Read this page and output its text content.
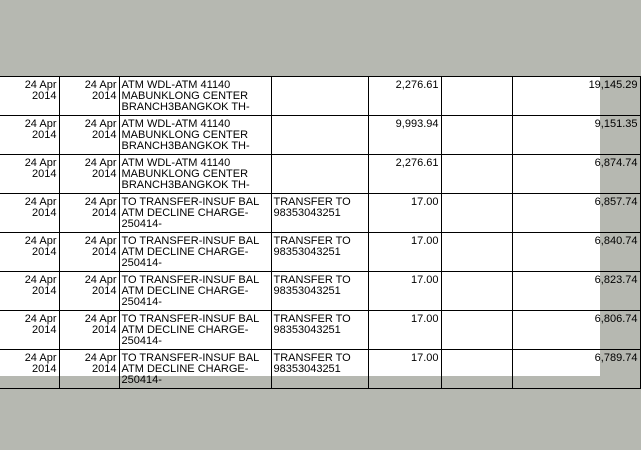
24 Apr
2014	24 Apr
2014	ATM WDL-ATM 41140
MABUNKLONG CENTER
BRANCH3BANGKOK TH-		2,276.61		19,145.29
24 Apr
2014	24 Apr
2014	ATM WDL-ATM 41140
MABUNKLONG CENTER
BRANCH3BANGKOK TH-		9,993.94		9,151.35
24 Apr
2014	24 Apr
2014	ATM WDL-ATM 41140
MABUNKLONG CENTER
BRANCH3BANGKOK TH-		2,276.61		6,874.74
24 Apr
2014	24 Apr
2014	TO TRANSFER-INSUF BAL
ATM DECLINE CHARGE-
250414-	TRANSFER TO
98353043251	17.00		6,857.74
24 Apr
2014	24 Apr
2014	TO TRANSFER-INSUF BAL
ATM DECLINE CHARGE-
250414-	TRANSFER TO
98353043251	17.00		6,840.74
24 Apr
2014	24 Apr
2014	TO TRANSFER-INSUF BAL
ATM DECLINE CHARGE-
250414-	TRANSFER TO
98353043251	17.00		6,823.74
24 Apr
2014	24 Apr
2014	TO TRANSFER-INSUF BAL
ATM DECLINE CHARGE-
250414-	TRANSFER TO
98353043251	17.00		6,806.74
24 Apr
2014	24 Apr
2014	TO TRANSFER-INSUF BAL
ATM DECLINE CHARGE-
250414-	TRANSFER TO
98353043251	17.00		6,789.74
